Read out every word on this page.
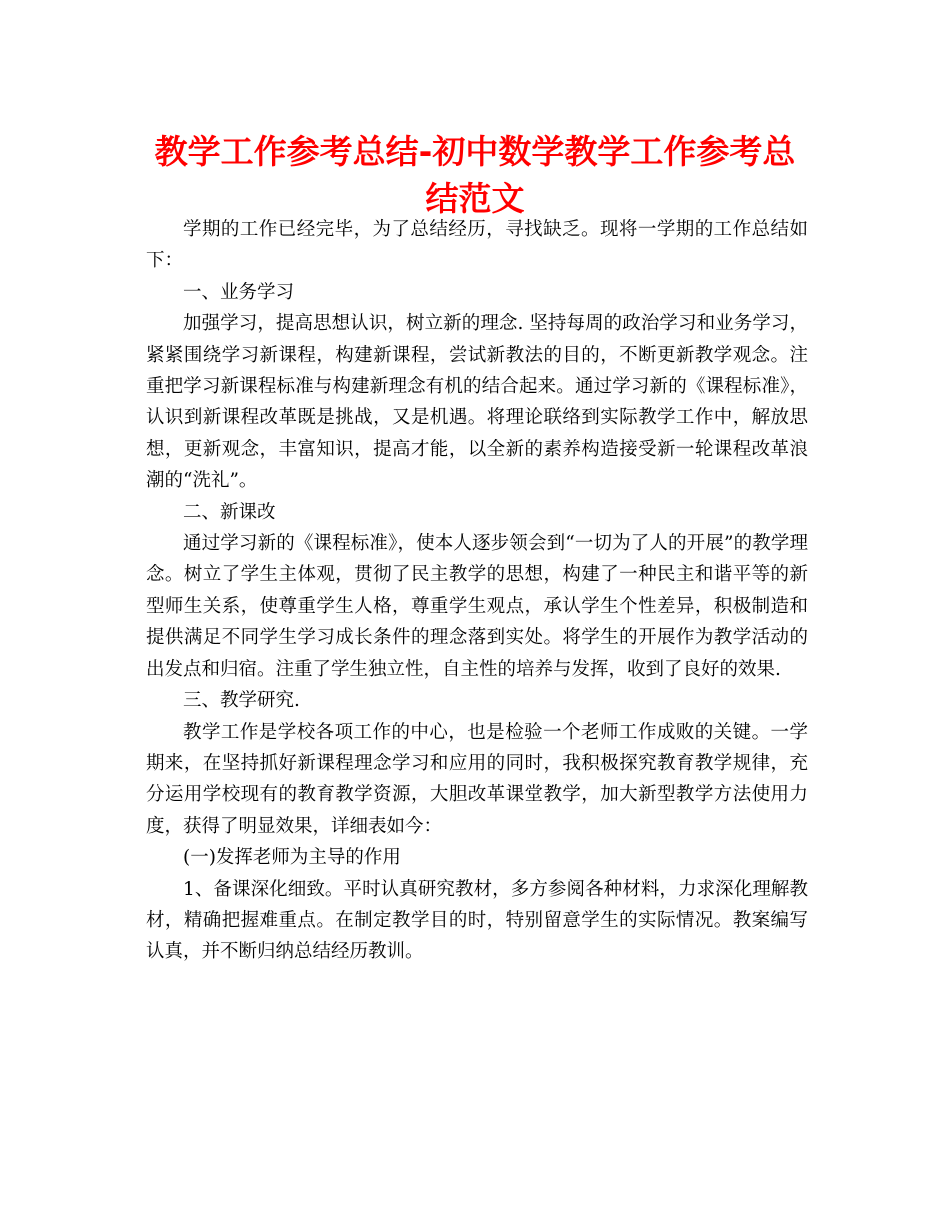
教学工作参考总结-初中数学教学工作参考总结范文

学期的工作已经完毕，为了总结经历，寻找缺乏。现将一学期的工作总结如下：

一、业务学习

加强学习，提高思想认识，树立新的理念. 坚持每周的政治学习和业务学习，紧紧围绕学习新课程，构建新课程，尝试新教法的目的，不断更新教学观念。注重把学习新课程标准与构建新理念有机的结合起来。通过学习新的《课程标准》，认识到新课程改革既是挑战，又是机遇。将理论联络到实际教学工作中，解放思想，更新观念，丰富知识，提高才能，以全新的素养构造接受新一轮课程改革浪潮的“洗礼”。

二、新课改

通过学习新的《课程标准》，使本人逐步领会到“一切为了人的开展”的教学理念。树立了学生主体观，贯彻了民主教学的思想，构建了一种民主和谐平等的新型师生关系，使尊重学生人格，尊重学生观点，承认学生个性差异，积极制造和提供满足不同学生学习成长条件的理念落到实处。将学生的开展作为教学活动的出发点和归宿。注重了学生独立性，自主性的培养与发挥，收到了良好的效果.

三、教学研究.

教学工作是学校各项工作的中心，也是检验一个老师工作成败的关键。一学期来，在坚持抓好新课程理念学习和应用的同时，我积极探究教育教学规律，充分运用学校现有的教育教学资源，大胆改革课堂教学，加大新型教学方法使用力度，获得了明显效果，详细表如今：

(一)发挥老师为主导的作用

1、备课深化细致。平时认真研究教材，多方参阅各种材料，力求深化理解教材，精确把握难重点。在制定教学目的时，特别留意学生的实际情况。教案编写认真，并不断归纳总结经历教训。
